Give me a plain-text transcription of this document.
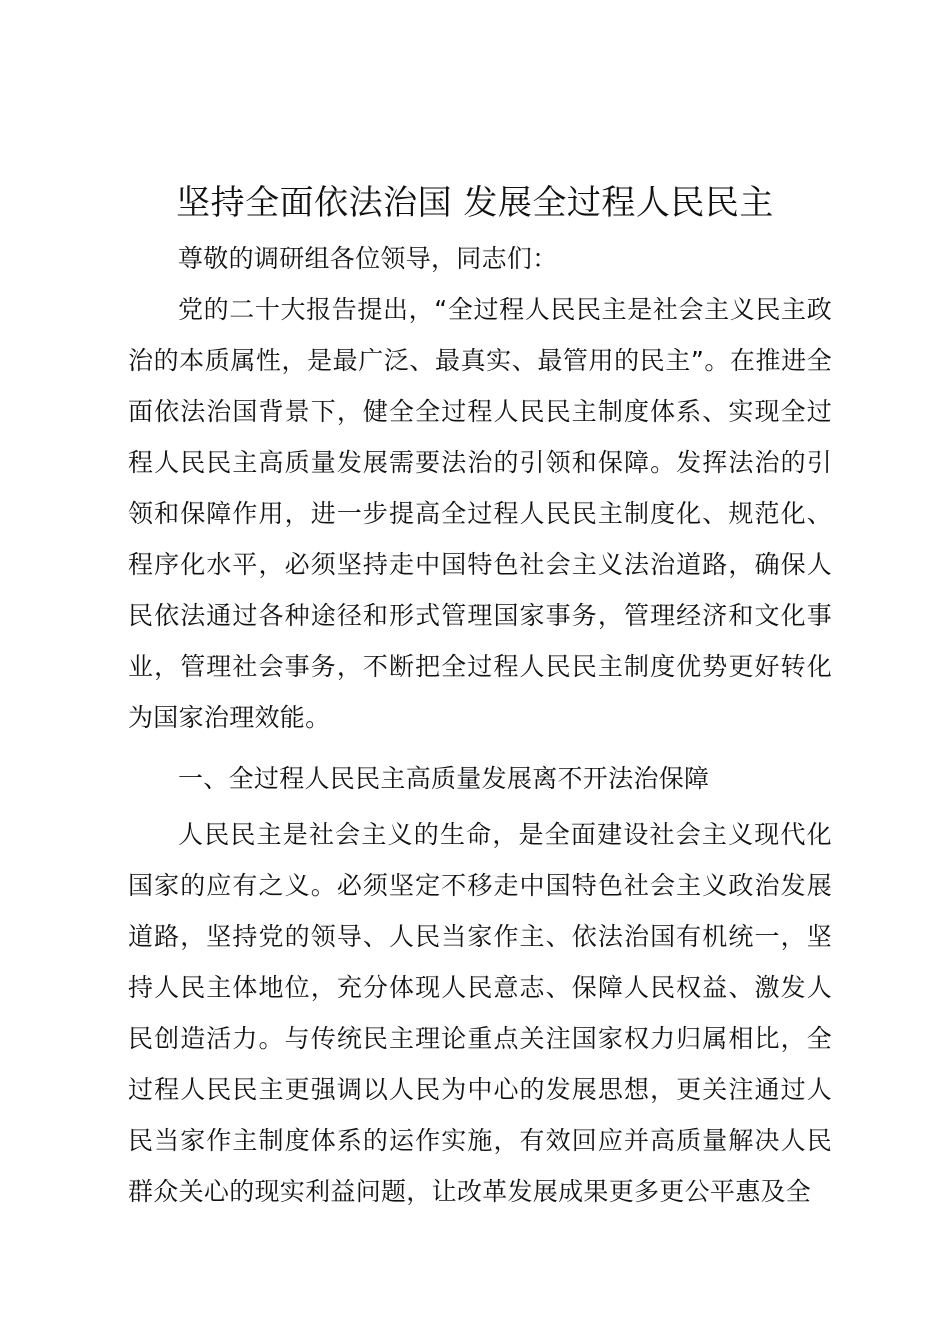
坚持全面依法治国 发展全过程人民民主

尊敬的调研组各位领导，同志们：

党的二十大报告提出，“全过程人民民主是社会主义民主政治的本质属性，是最广泛、最真实、最管用的民主”。在推进全面依法治国背景下，健全全过程人民民主制度体系、实现全过程人民民主高质量发展需要法治的引领和保障。发挥法治的引领和保障作用，进一步提高全过程人民民主制度化、规范化、程序化水平，必须坚持走中国特色社会主义法治道路，确保人民依法通过各种途径和形式管理国家事务，管理经济和文化事业，管理社会事务，不断把全过程人民民主制度优势更好转化为国家治理效能。

一、全过程人民民主高质量发展离不开法治保障

人民民主是社会主义的生命，是全面建设社会主义现代化国家的应有之义。必须坚定不移走中国特色社会主义政治发展道路，坚持党的领导、人民当家作主、依法治国有机统一，坚持人民主体地位，充分体现人民意志、保障人民权益、激发人民创造活力。与传统民主理论重点关注国家权力归属相比，全过程人民民主更强调以人民为中心的发展思想，更关注通过人民当家作主制度体系的运作实施，有效回应并高质量解决人民群众关心的现实利益问题，让改革发展成果更多更公平惠及全
